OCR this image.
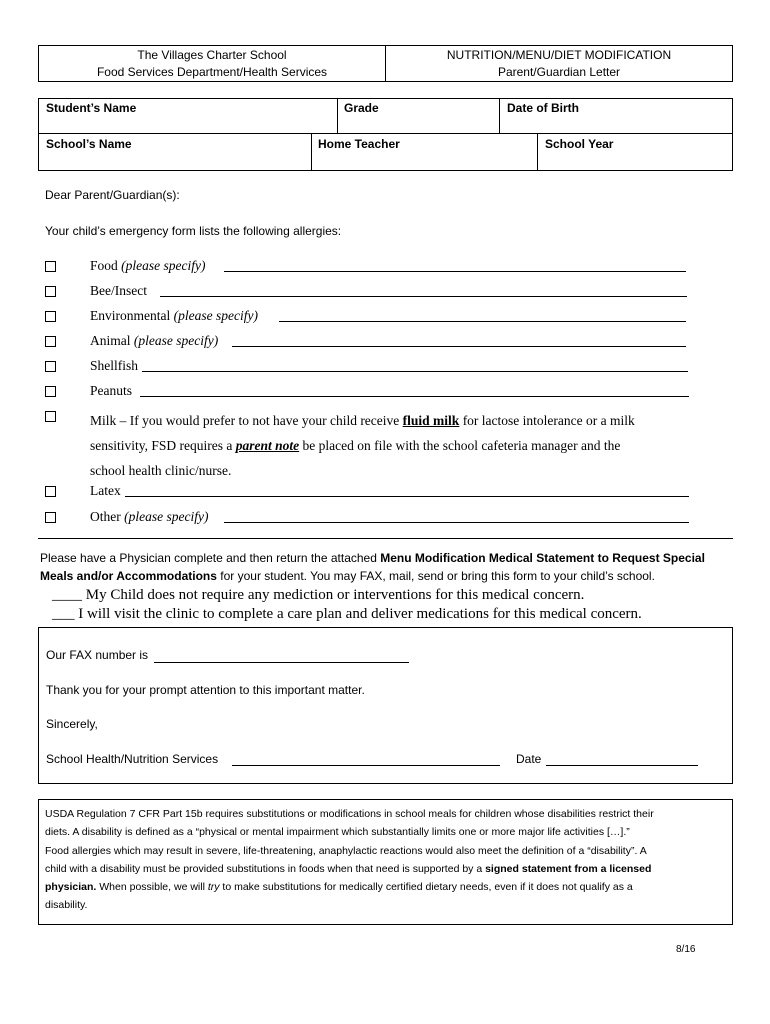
The Villages Charter School
Food Services Department/Health Services
NUTRITION/MENU/DIET MODIFICATION
Parent/Guardian Letter
Student’s Name	Grade	Date of Birth
School’s Name	Home Teacher	School Year
Dear Parent/Guardian(s):
Your child’s emergency form lists the following allergies:
Food (please specify)
Bee/Insect
Environmental (please specify)
Animal (please specify)
Shellfish
Peanuts
Milk – If you would prefer to not have your child receive fluid milk for lactose intolerance or a milk
sensitivity, FSD requires a parent note be placed on file with the school cafeteria manager and the
school health clinic/nurse.
Latex
Other (please specify)
Please have a Physician complete and then return the attached Menu Modification Medical Statement to Request Special
Meals and/or Accommodations for your student. You may FAX, mail, send or bring this form to your child’s school.
____ My Child does not require any mediction or interventions for this medical concern.
___ I will visit the clinic to complete a care plan and deliver medications for this medical concern.
Our FAX number is
Thank you for your prompt attention to this important matter.
Sincerely,
School Health/Nutrition Services	Date
USDA Regulation 7 CFR Part 15b requires substitutions or modifications in school meals for children whose disabilities restrict their
diets. A disability is defined as a “physical or mental impairment which substantially limits one or more major life activities […].”
Food allergies which may result in severe, life-threatening, anaphylactic reactions would also meet the definition of a “disability”. A
child with a disability must be provided substitutions in foods when that need is supported by a signed statement from a licensed
physician. When possible, we will try to make substitutions for medically certified dietary needs, even if it does not qualify as a
disability.
8/16
